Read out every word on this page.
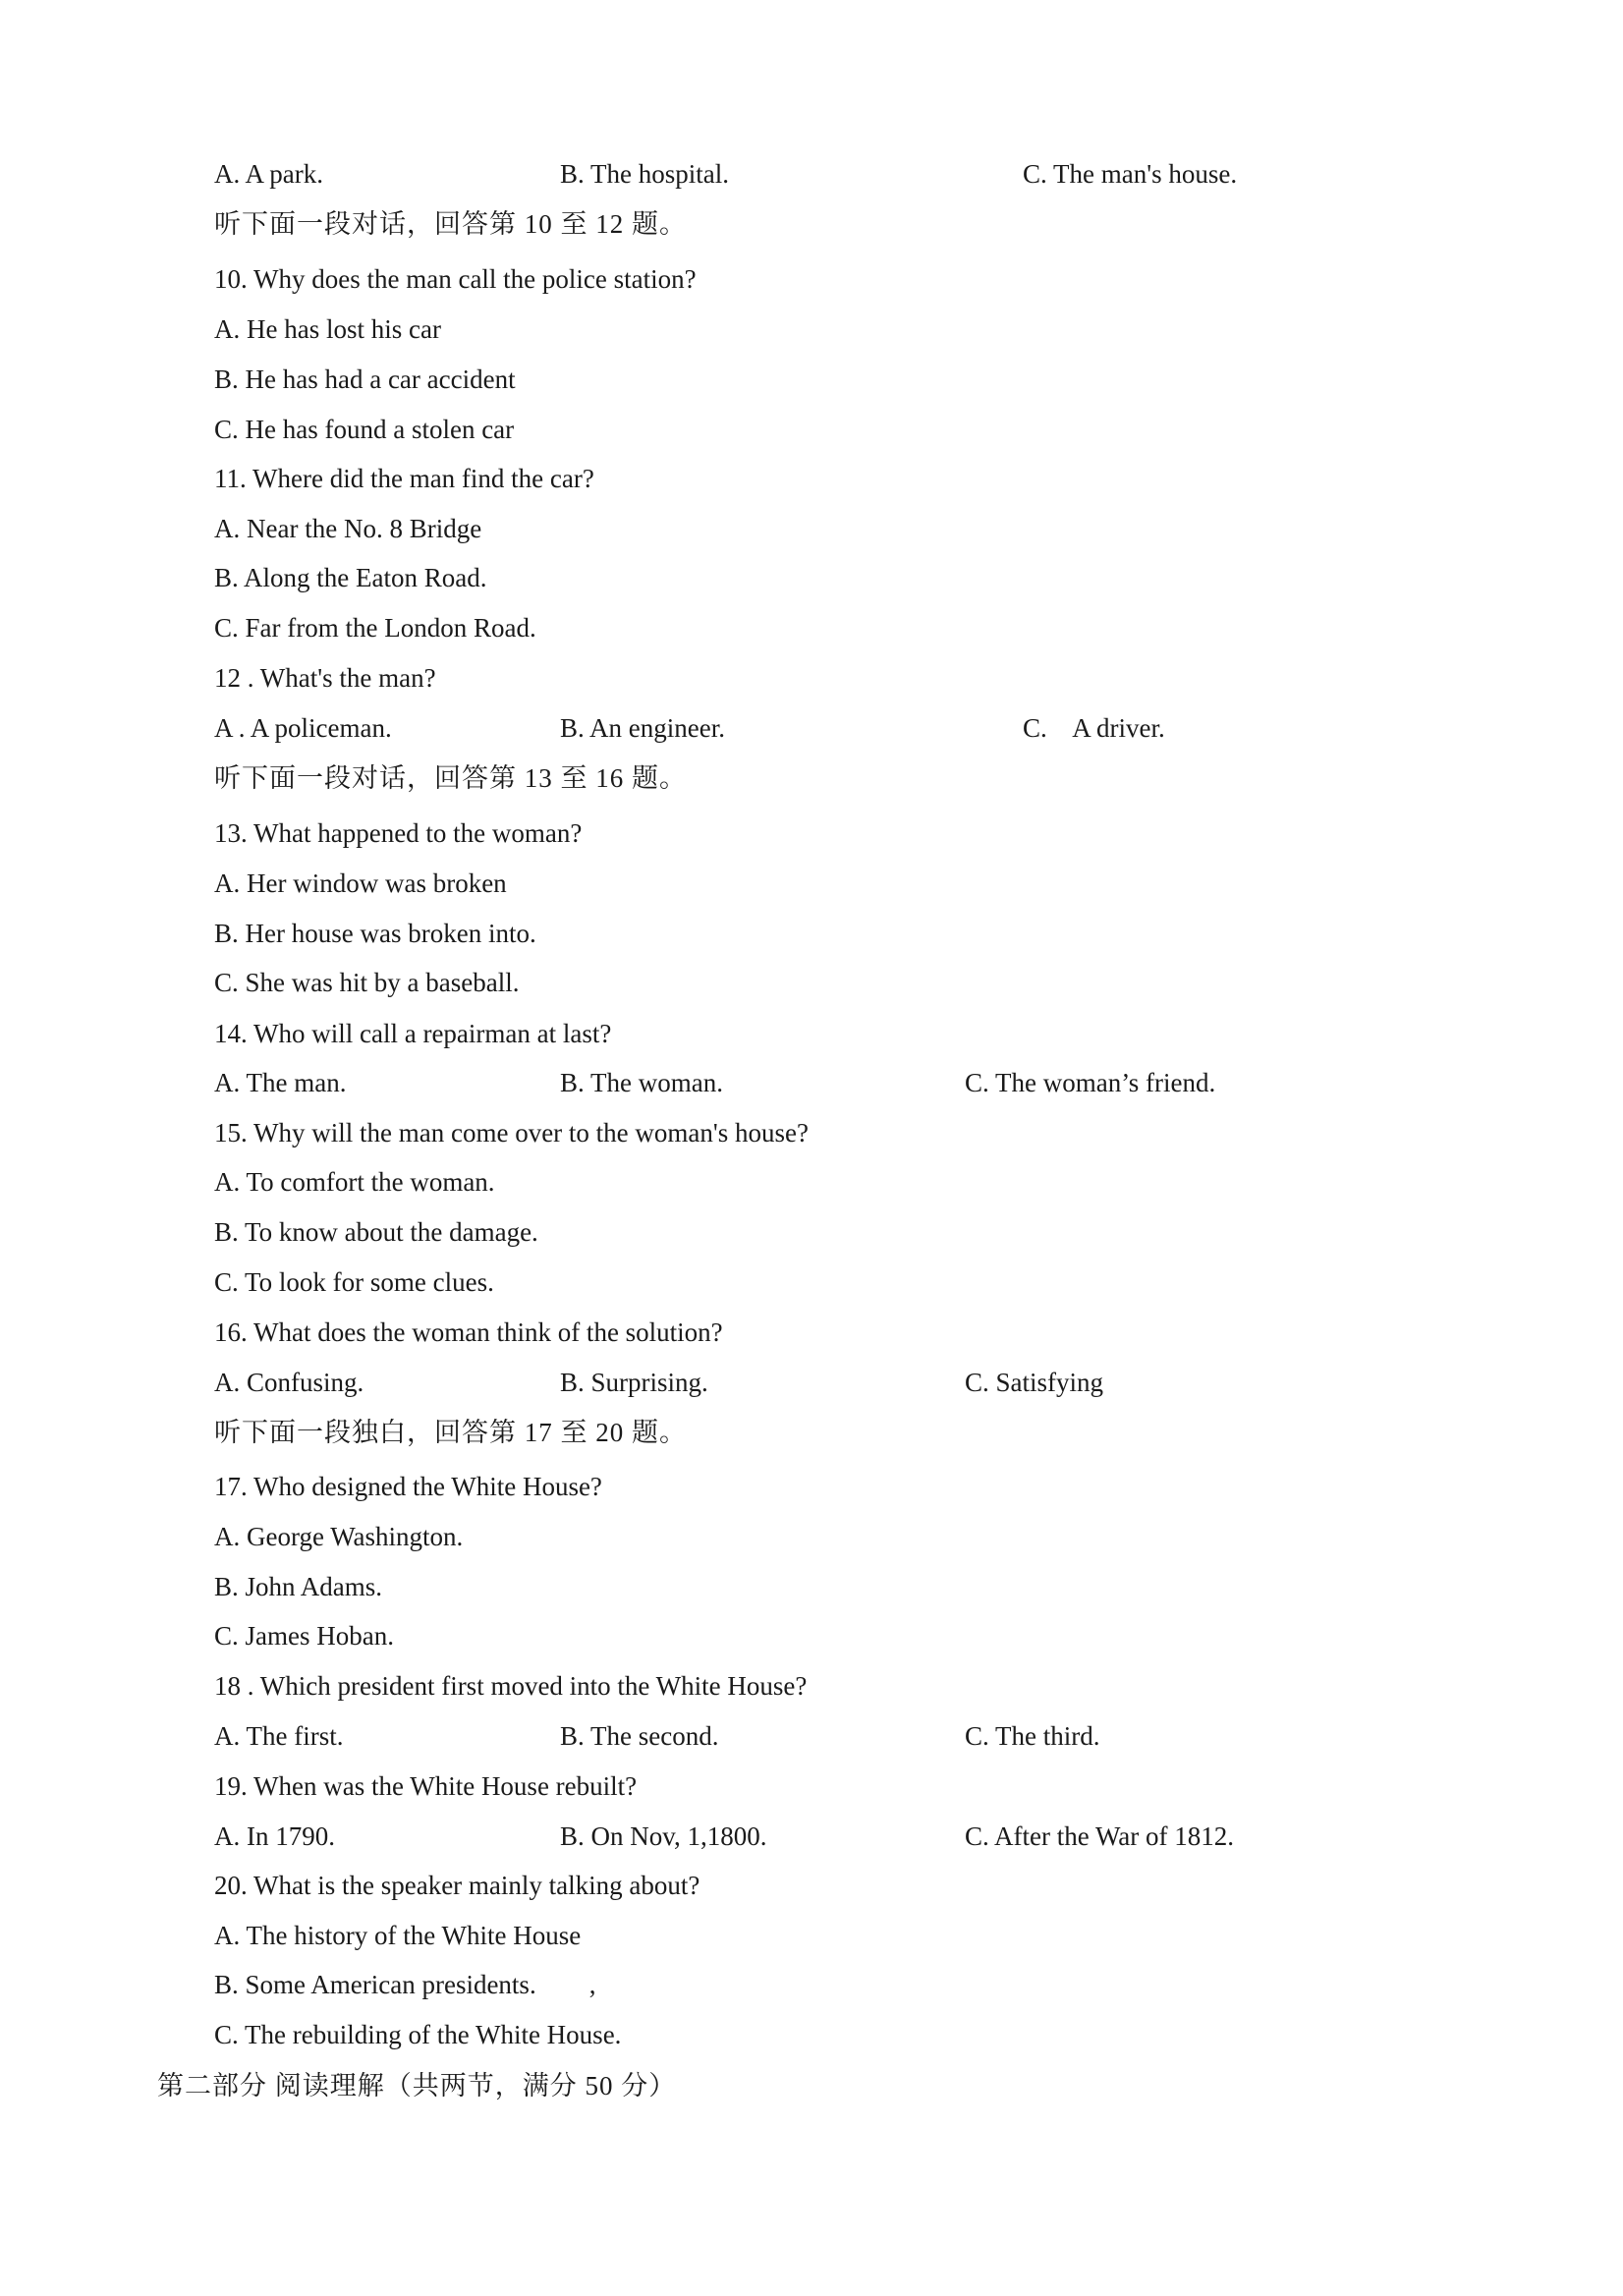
A. A park.	B. The hospital.	C. The man's house.
听下面一段对话，回答第 10 至 12 题。
10. Why does the man call the police station?
A. He has lost his car
B. He has had a car accident
C. He has found a stolen car
11. Where did the man find the car?
A. Near the No. 8 Bridge
B. Along the Eaton Road.
C. Far from the London Road.
12 . What's the man?
A . A policeman.	B. An engineer.	C.    A driver.
听下面一段对话，回答第 13 至 16 题。
13. What happened to the woman?
A. Her window was broken
B. Her house was broken into.
C. She was hit by a baseball.
14. Who will call a repairman at last?
A. The man.	B. The woman.	C. The woman’s friend.
15. Why will the man come over to the woman's house?
A. To comfort the woman.
B. To know about the damage.
C. To look for some clues.
16. What does the woman think of the solution?
A. Confusing.	B. Surprising.	C. Satisfying
听下面一段独白，回答第 17 至 20 题。
17. Who designed the White House?
A. George Washington.
B. John Adams.
C. James Hoban.
18 . Which president first moved into the White House?
A. The first.	B. The second.	C. The third.
19. When was the White House rebuilt?
A. In 1790.	B. On Nov, 1,1800.	C. After the War of 1812.
20. What is the speaker mainly talking about?
A. The history of the White House
B. Some American presidents.        ,
C. The rebuilding of the White House.
第二部分 阅读理解（共两节，满分 50 分）
